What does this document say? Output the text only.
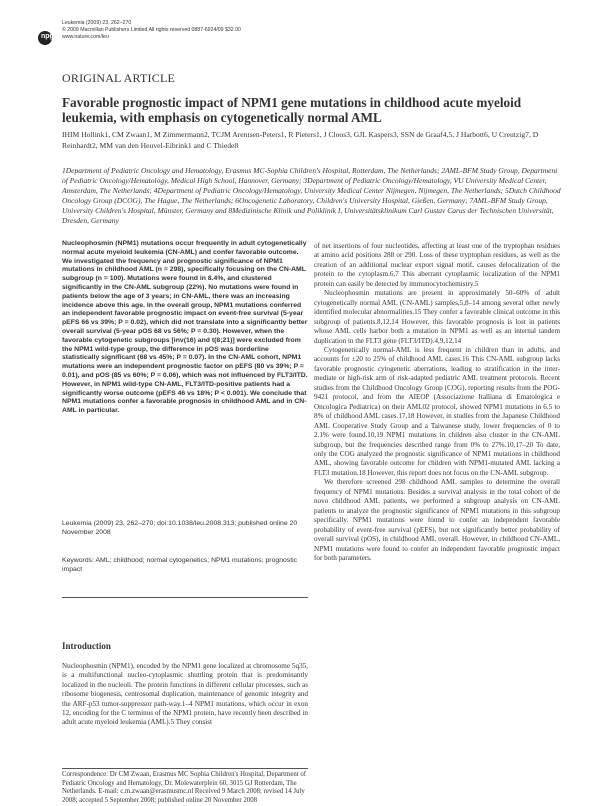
npg
Leukemia (2009) 23, 262–270
© 2009 Macmillan Publishers Limited All rights reserved 0887-6924/09 $32.00
www.nature.com/leu
ORIGINAL ARTICLE
Favorable prognostic impact of NPM1 gene mutations in childhood acute myeloid leukemia, with emphasis on cytogenetically normal AML
IHIM Hollink1, CM Zwaan1, M Zimmermann2, TCJM Arentsen-Peters1, R Pieters1, J Cloos3, GJL Kaspers3, SSN de Graaf4,5, J Harbott6, U Creutzig7, D Reinhardt2, MM van den Heuvel-Eibrink1 and C Thiede8
1Department of Pediatric Oncology and Hematology, Erasmus MC-Sophia Children's Hospital, Rotterdam, The Netherlands; 2AML-BFM Study Group, Department of Pediatric Oncology/Hematology, Medical High School, Hannover, Germany; 3Department of Pediatric Oncology/Hematology, VU University Medical Center, Amsterdam, The Netherlands; 4Department of Pediatric Oncology/Hematology, University Medical Center Nijmegen, Nijmegen, The Netherlands; 5Dutch Childhood Oncology Group (DCOG), The Hague, The Netherlands; 6Oncogenetic Laboratory, Children's University Hospital, Gießen, Germany; 7AML-BFM Study Group, University Children's Hospital, Münster, Germany and 8Medizinische Klinik und Poliklinik I, Universitätsklinikum Carl Gustav Carus der Technischen Universität, Dresden, Germany
Nucleophosmin (NPM1) mutations occur frequently in adult cytogenetically normal acute myeloid leukemia (CN-AML) and confer favorable outcome. We investigated the frequency and prognostic significance of NPM1 mutations in childhood AML (n = 298), specifically focusing on the CN-AML subgroup (n = 100). Mutations were found in 8.4%, and clustered significantly in the CN-AML subgroup (22%). No mutations were found in patients below the age of 3 years; in CN-AML, there was an increasing incidence above this age. In the overall group, NPM1 mutations conferred an independent favorable prognostic impact on event-free survival (5-year pEFS 66 vs 39%; P = 0.02), which did not translate into a significantly better overall survival (5-year pOS 68 vs 56%; P = 0.30). However, when the favorable cytogenetic subgroups [inv(16) and t(8;21)] were excluded from the NPM1 wild-type group, the difference in pOS was borderline statistically significant (68 vs 45%; P = 0.07). In the CN-AML cohort, NPM1 mutations were an independent prognostic factor on pEFS (80 vs 39%; P = 0.01), and pOS (85 vs 60%; P = 0.06), which was not influenced by FLT3/ITD. However, in NPM1 wild-type CN-AML, FLT3/ITD-positive patients had a significantly worse outcome (pEFS 46 vs 18%; P < 0.001). We conclude that NPM1 mutations confer a favorable prognosis in childhood AML and in CN-AML in particular.
Leukemia (2009) 23, 262–270; doi:10.1038/leu.2008.313; published online 20 November 2008
Keywords: AML; childhood; normal cytogenetics; NPM1 mutations; prognostic impact
Introduction
Nucleophosmin (NPM1), encoded by the NPM1 gene localized at chromosome 5q35, is a multifunctional nucleo-cytoplasmic shuttling protein that is predominantly localized in the nucleoli. The protein functions in different cellular processes, such as ribosome biogenesis, centrosomal duplication, maintenance of genomic integrity and the ARF-p53 tumor-suppressor path-way.1–4 NPM1 mutations, which occur in exon 12, encoding for the C terminus of the NPM1 protein, have recently been described in adult acute myeloid leukemia (AML).5 They consist
Correspondence: Dr CM Zwaan, Erasmus MC Sophia Children's Hospital, Department of Pediatric Oncology and Hematology, Dr. Molewaterplein 60, 3015 GJ Rotterdam, The Netherlands. E-mail: c.m.zwaan@erasmusmc.nl Received 9 March 2008; revised 14 July 2008; accepted 5 September 2008; published online 20 November 2008

of net insertions of four nucleotides, affecting at least one of the tryptophan residues at amino acid positions 288 or 290. Loss of these tryptophan residues, as well as the creation of an additional nuclear export signal motif, causes delocalization of the protein to the cytoplasm.6,7 This aberrant cytoplasmic localization of the NPM1 protein can easily be detected by immunocytochemistry.5

Nucleophosmin mutations are present in approximately 50–60% of adult cytogenetically normal AML (CN-AML) samples,5,8–14 among several other newly identified molecular abnormalities.15 They confer a favorable clinical outcome in this subgroup of patients.8,12,14 However, this favorable prognosis is lost in patients whose AML cells harbor both a mutation in NPM1 as well as an internal tandem duplication in the FLT3 gene (FLT3/ITD).4,9,12,14

Cytogenetically normal-AML is less frequent in children than in adults, and accounts for ±20 to 25% of childhood AML cases.16 This CN-AML subgroup lacks favorable prognostic cytogenetic aberrations, leading to stratification in the inter-mediate or high-risk arm of risk-adapted pediatric AML treatment protocols. Recent studies from the Childhood Oncology Group (COG), reporting results from the POG-9421 protocol, and from the AIEOP (Associazione Italliana di Ematologica e Oncologica Pediatrica) on their AML02 protocol, showed NPM1 mutations in 6.5 to 8% of childhood AML cases.17,18 However, in studies from the Japanese Childhood AML Cooperative Study Group and a Taiwanese study, lower frequencies of 0 to 2.1% were found.10,19 NPM1 mutations in children also cluster in the CN-AML subgroup, but the frequencies described range from 0% to 27%.10,17–20 To date, only the COG analyzed the prognostic significance of NPM1 mutations in childhood AML, showing favorable outcome for children with NPM1-mutated AML lacking a FLT3 mutation.18 However, this report does not focus on the CN-AML subgroup.

We therefore screened 298 childhood AML samples to determine the overall frequency of NPM1 mutations. Besides a survival analysis in the total cohort of de novo childhood AML patients, we performed a subgroup analysis on CN-AML patients to analyze the prognostic significance of NPM1 mutations in this subgroup specifically. NPM1 mutations were found to confer an independent favorable probability of event-free survival (pEFS), but not significantly better probability of overall survival (pOS), in childhood AML overall. However, in childhood CN-AML, NPM1 mutations were found to confer an independent favorable prognostic impact for both parameters.
